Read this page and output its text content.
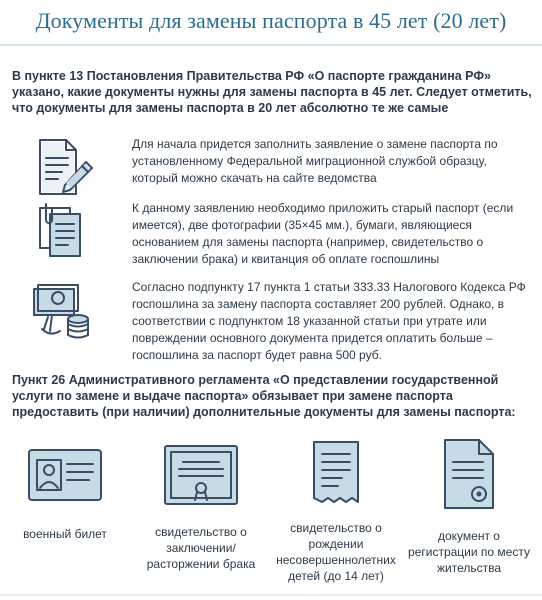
Документы для замены паспорта в 45 лет (20 лет)
В пункте 13 Постановления Правительства РФ «О паспорте гражданина РФ» указано, какие документы нужны для замены паспорта в 45 лет. Следует отметить, что документы для замены паспорта в 20 лет абсолютно те же самые
Для начала придется заполнить заявление о замене паспорта по установленному Федеральной миграционной службой образцу, который можно скачать на сайте ведомства
К данному заявлению необходимо приложить старый паспорт (если имеется), две фотографии (35×45 мм.), бумаги, являющиеся основанием для замены паспорта (например, свидетельство о заключении брака) и квитанция об оплате госпошлины
Согласно подпункту 17 пункта 1 статьи 333.33 Налогового Кодекса РФ госпошлина за замену паспорта составляет 200 рублей. Однако, в соответствии с подпунктом 18 указанной статьи при утрате или повреждении основного документа придется оплатить больше – госпошлина за паспорт будет равна 500 руб.
Пункт 26 Административного регламента «О представлении государственной услуги по замене и выдаче паспорта» обязывает при замене паспорта предоставить (при наличии) дополнительные документы для замены паспорта:
военный билет	свидетельство о заключении/ расторжении брака
свидетельство о рождении несовершеннолетних детей (до 14 лет)
документ о регистрации по месту жительства
